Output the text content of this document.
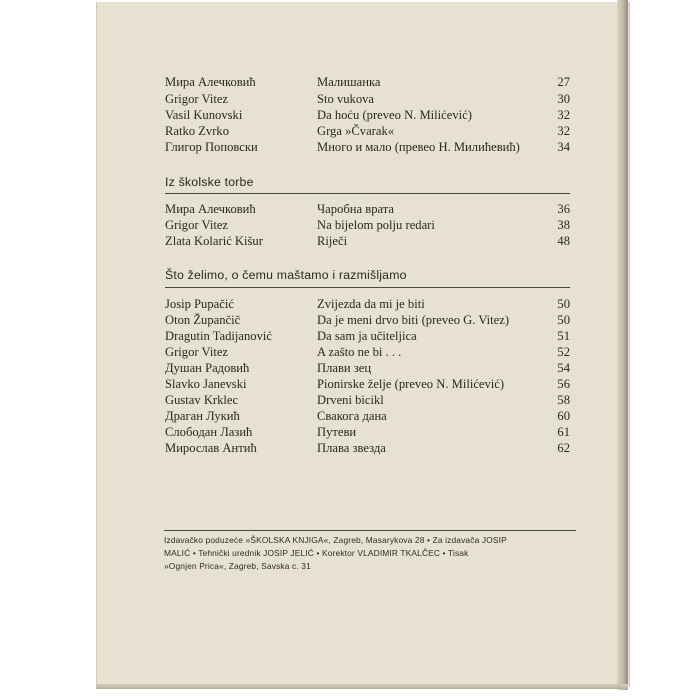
Мира Алечковић	Малишанка	27
Grigor Vitez	Sto vukova	30
Vasil Kunovski	Da hoću (preveo N. Milićević)	32
Ratko Zvrko	Grga »Čvarak«	32
Глигор Поповски	Много и мало (превео Н. Милићевић)	34
Iz školske torbe
Мира Алечковић	Чаробна врата	36
Grigor Vitez	Na bijelom polju redari	38
Zlata Kolarić Kišur	Riječi	48
Što želimo, o čemu maštamo i razmišljamo
Josip Pupačić	Zvijezda da mi je biti	50
Oton Župančič	Da je meni drvo biti (preveo G. Vitez)	50
Dragutin Tadijanović	Da sam ja učiteljica	51
Grigor Vitez	A zašto ne bi . . .	52
Душан Радовић	Плави зец	54
Slavko Janevski	Pionirske želje (preveo N. Milićević)	56
Gustav Krklec	Drveni bicikl	58
Драган Лукић	Свакога дана	60
Слободан Лазић	Путеви	61
Мирослав Антић	Плава звезда	62
Izdavačko poduzeće »ŠKOLSKA KNJIGA«, Zagreb, Masarykova 28 • Za izdavača JOSIP
MALIĆ • Tehnički urednik JOSIP JELIĆ • Korektor VLADIMIR TKALČEC • Tisak
»Ognjen Prica«, Zagreb, Savska c. 31
